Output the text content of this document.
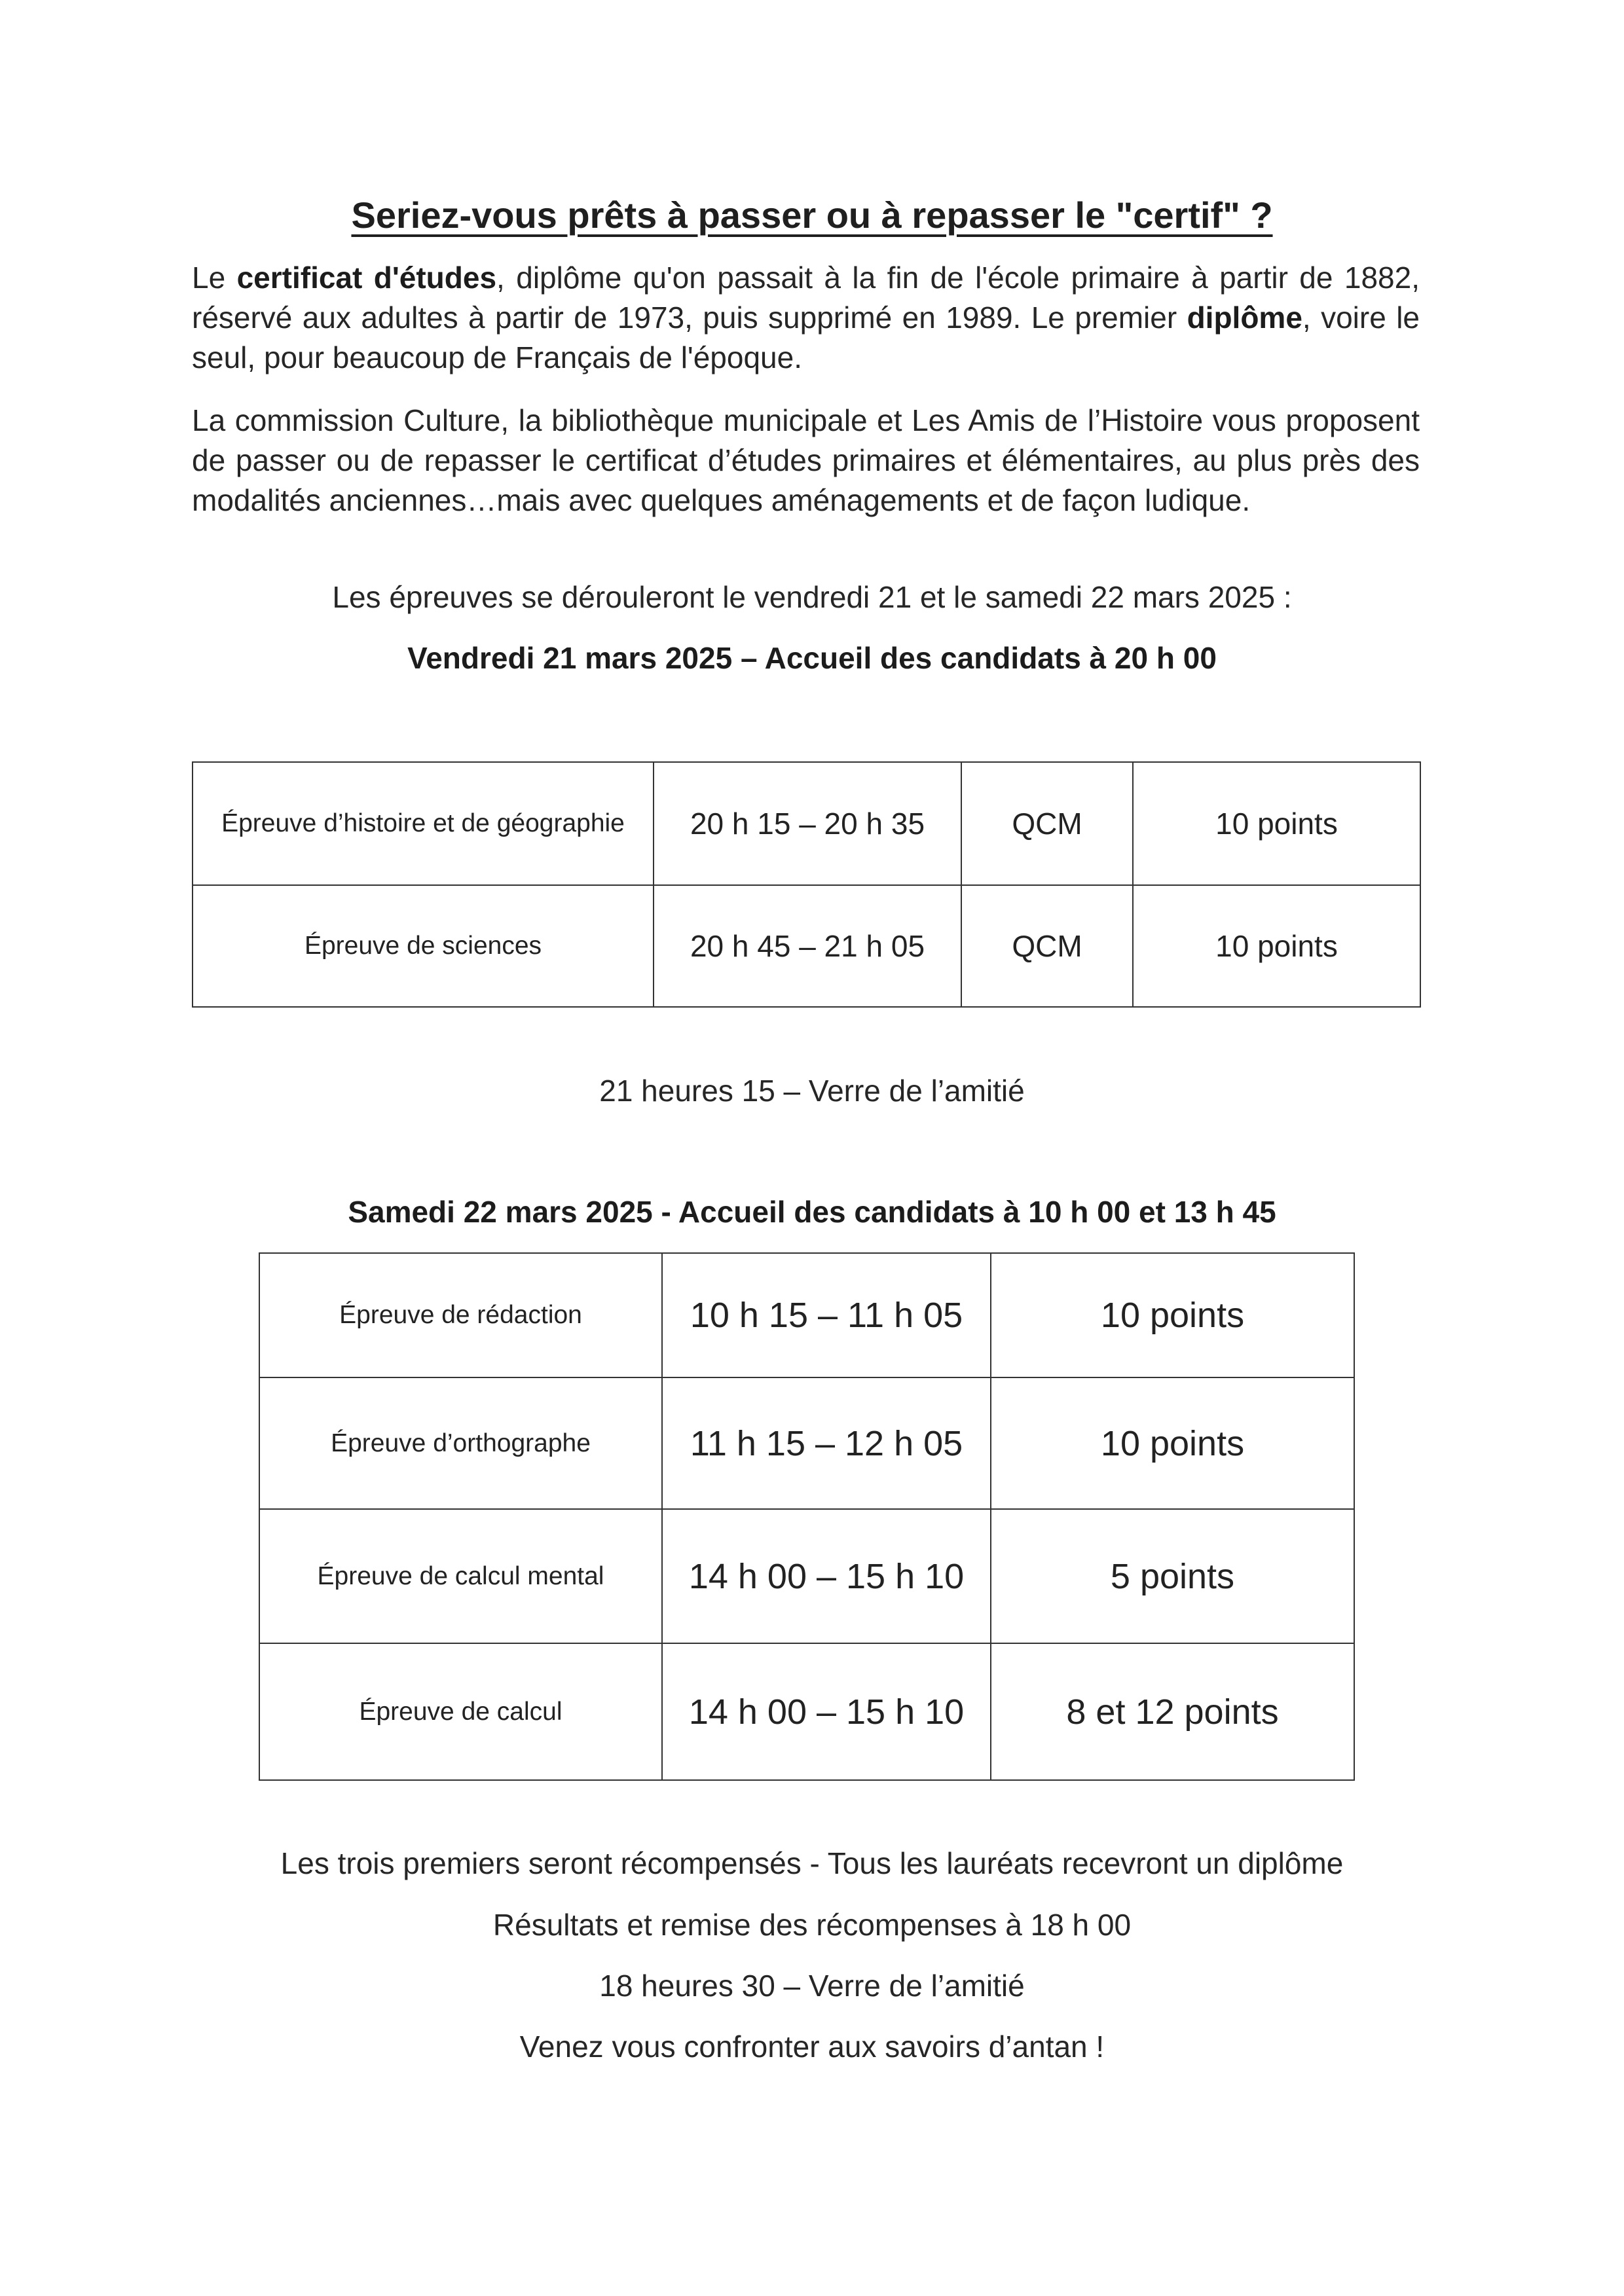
Seriez-vous prêts à passer ou à repasser le "certif" ?
Le certificat d'études, diplôme qu'on passait à la fin de l'école primaire à partir de 1882, réservé aux adultes à partir de 1973, puis supprimé en 1989. Le premier diplôme, voire le seul, pour beaucoup de Français de l'époque.
La commission Culture, la bibliothèque municipale et Les Amis de l’Histoire vous proposent de passer ou de repasser le certificat d’études primaires et élémentaires, au plus près des modalités anciennes…mais avec quelques aménagements et de façon ludique.
Les épreuves se dérouleront le vendredi 21 et le samedi 22 mars 2025 :
Vendredi 21 mars 2025 – Accueil des candidats à 20 h 00
Épreuve d’histoire et de géographie	20 h 15 – 20 h 35	QCM	10 points
Épreuve de sciences	20 h 45 – 21 h 05	QCM	10 points
21 heures 15 – Verre de l’amitié
Samedi 22 mars 2025 - Accueil des candidats à 10 h 00 et 13 h 45
Épreuve de rédaction	10 h 15 – 11 h 05	10 points
Épreuve d’orthographe	11 h 15 – 12 h 05	10 points
Épreuve de calcul mental	14 h 00 – 15 h 10	5 points
Épreuve de calcul	14 h 00 – 15 h 10	8 et 12 points
Les trois premiers seront récompensés - Tous les lauréats recevront un diplôme
Résultats et remise des récompenses à 18 h 00
18 heures 30 – Verre de l’amitié
Venez vous confronter aux savoirs d’antan !
